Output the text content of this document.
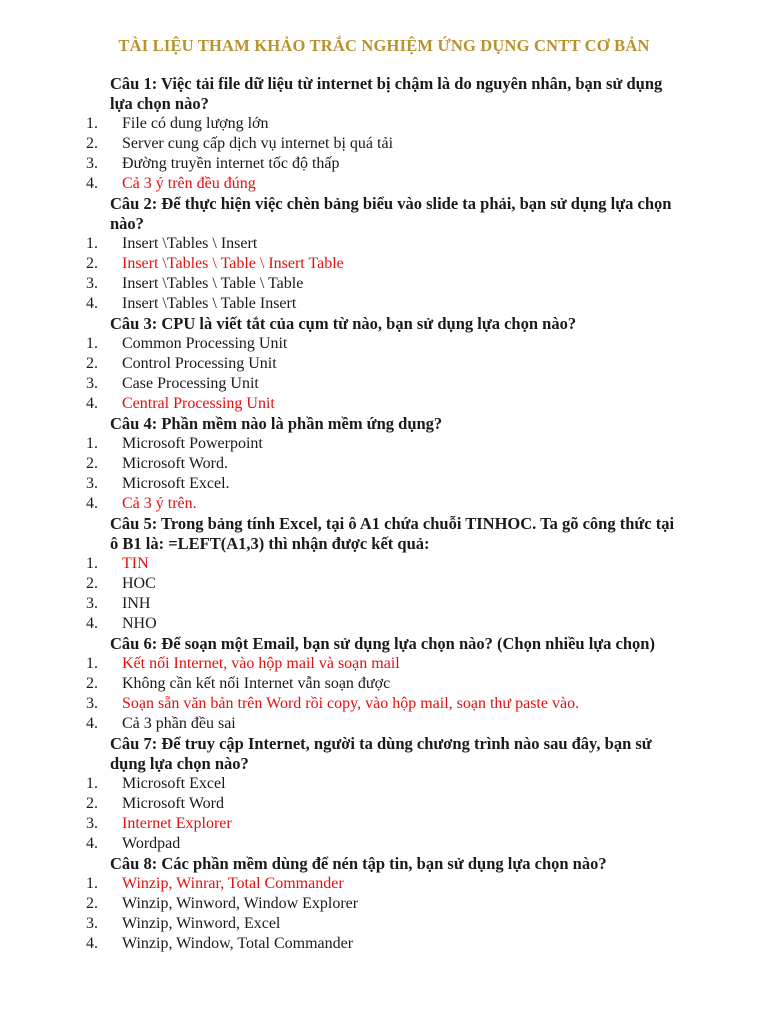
TÀI LIỆU THAM KHẢO TRẮC NGHIỆM ỨNG DỤNG CNTT CƠ BẢN

Câu 1: Việc tải file dữ liệu từ internet bị chậm là do nguyên nhân, bạn sử dụng lựa chọn nào?

1.	File có dung lượng lớn
2.	Server cung cấp dịch vụ internet bị quá tải
3.	Đường truyền internet tốc độ thấp
4.	Cả 3 ý trên đều đúng

Câu 2: Để thực hiện việc chèn bảng biểu vào slide ta phải, bạn sử dụng lựa chọn nào?

1.	Insert \Tables \ Insert
2.	Insert \Tables \ Table \ Insert Table
3.	Insert \Tables \ Table \ Table
4.	Insert \Tables \ Table Insert

Câu 3: CPU là viết tắt của cụm từ nào, bạn sử dụng lựa chọn nào?

1.	Common Processing Unit
2.	Control Processing Unit
3.	Case Processing Unit
4.	Central Processing Unit

Câu 4: Phần mềm nào là phần mềm ứng dụng?

1.	Microsoft Powerpoint
2.	Microsoft Word.
3.	Microsoft Excel.
4.	Cả 3 ý trên.

Câu 5: Trong bảng tính Excel, tại ô A1 chứa chuỗi TINHOC. Ta gõ công thức tại ô B1 là: =LEFT(A1,3) thì nhận được kết quả:

1.	TIN
2.	HOC
3.	INH
4.	NHO

Câu 6: Để soạn một Email, bạn sử dụng lựa chọn nào? (Chọn nhiều lựa chọn)

1.	Kết nối Internet, vào hộp mail và soạn mail
2.	Không cần kết nối Internet vẫn soạn được
3.	Soạn sẵn văn bản trên Word rồi copy, vào hộp mail, soạn thư paste vào.
4.	Cả 3 phần đều sai

Câu 7: Để truy cập Internet, người ta dùng chương trình nào sau đây, bạn sử dụng lựa chọn nào?

1.	Microsoft Excel
2.	Microsoft Word
3.	Internet Explorer
4.	Wordpad

Câu 8: Các phần mềm dùng để nén tập tin, bạn sử dụng lựa chọn nào?

1.	Winzip, Winrar, Total Commander
2.	Winzip, Winword, Window Explorer
3.	Winzip, Winword, Excel
4.	Winzip, Window, Total Commander
